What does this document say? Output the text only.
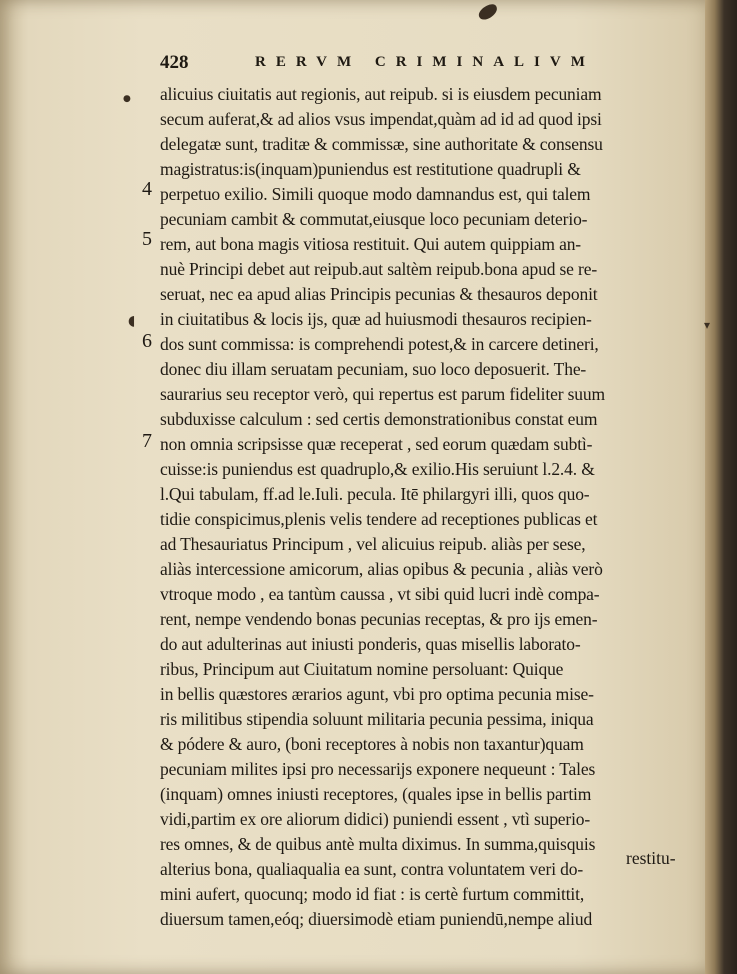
428	RERVM CRIMINALIVM
●
◖	▾
4
5
6
7
alicuius ciuitatis aut regionis, aut reipub. si is eiusdem pecuniam
secum auferat,& ad alios vsus impendat,quàm ad id ad quod ipsi
delegatæ sunt, traditæ & commissæ, sine authoritate & consensu
magistratus:is(inquam)puniendus est restitutione quadrupli &
perpetuo exilio. Simili quoque modo damnandus est, qui talem
pecuniam cambit & commutat,eiusque loco pecuniam deterio-
rem, aut bona magis vitiosa restituit. Qui autem quippiam an-
nuè Principi debet aut reipub.aut saltèm reipub.bona apud se re-
seruat, nec ea apud alias Principis pecunias & thesauros deponit
in ciuitatibus & locis ijs, quæ ad huiusmodi thesauros recipien-
dos sunt commissa: is comprehendi potest,& in carcere detineri,
donec diu illam seruatam pecuniam, suo loco deposuerit. The-
saurarius seu receptor verò, qui repertus est parum fideliter suum
subduxisse calculum : sed certis demonstrationibus constat eum
non omnia scripsisse quæ receperat , sed eorum quædam subtì-
cuisse:is puniendus est quadruplo,& exilio.His seruiunt l.2.4. &
l.Qui tabulam, ff.ad le.Iuli. pecula. Itē philargyri illi, quos quo-
tidie conspicimus,plenis velis tendere ad receptiones publicas et
ad Thesauriatus Principum , vel alicuius reipub. aliàs per sese,
aliàs intercessione amicorum, alias opibus & pecunia , aliàs verò
vtroque modo , ea tantùm caussa , vt sibi quid lucri indè compa-
rent, nempe vendendo bonas pecunias receptas, & pro ijs emen-
do aut adulterinas aut iniusti ponderis, quas misellis laborato-
ribus, Principum aut Ciuitatum nomine persoluant: Quique
in bellis quæstores ærarios agunt, vbi pro optima pecunia mise-
ris militibus stipendia soluunt militaria pecunia pessima, iniqua
& pódere & auro, (boni receptores à nobis non taxantur)quam
pecuniam milites ipsi pro necessarijs exponere nequeunt : Tales
(inquam) omnes iniusti receptores, (quales ipse in bellis partim
vidi,partim ex ore aliorum didici) puniendi essent , vtì superio-
res omnes, & de quibus antè multa diximus. In summa,quisquis
alterius bona, qualiaqualia ea sunt, contra voluntatem veri do-
mini aufert, quocunq; modo id fiat : is certè furtum committit,
diuersum tamen,eóq; diuersimodè etiam puniendū,nempe aliud
restitu-
